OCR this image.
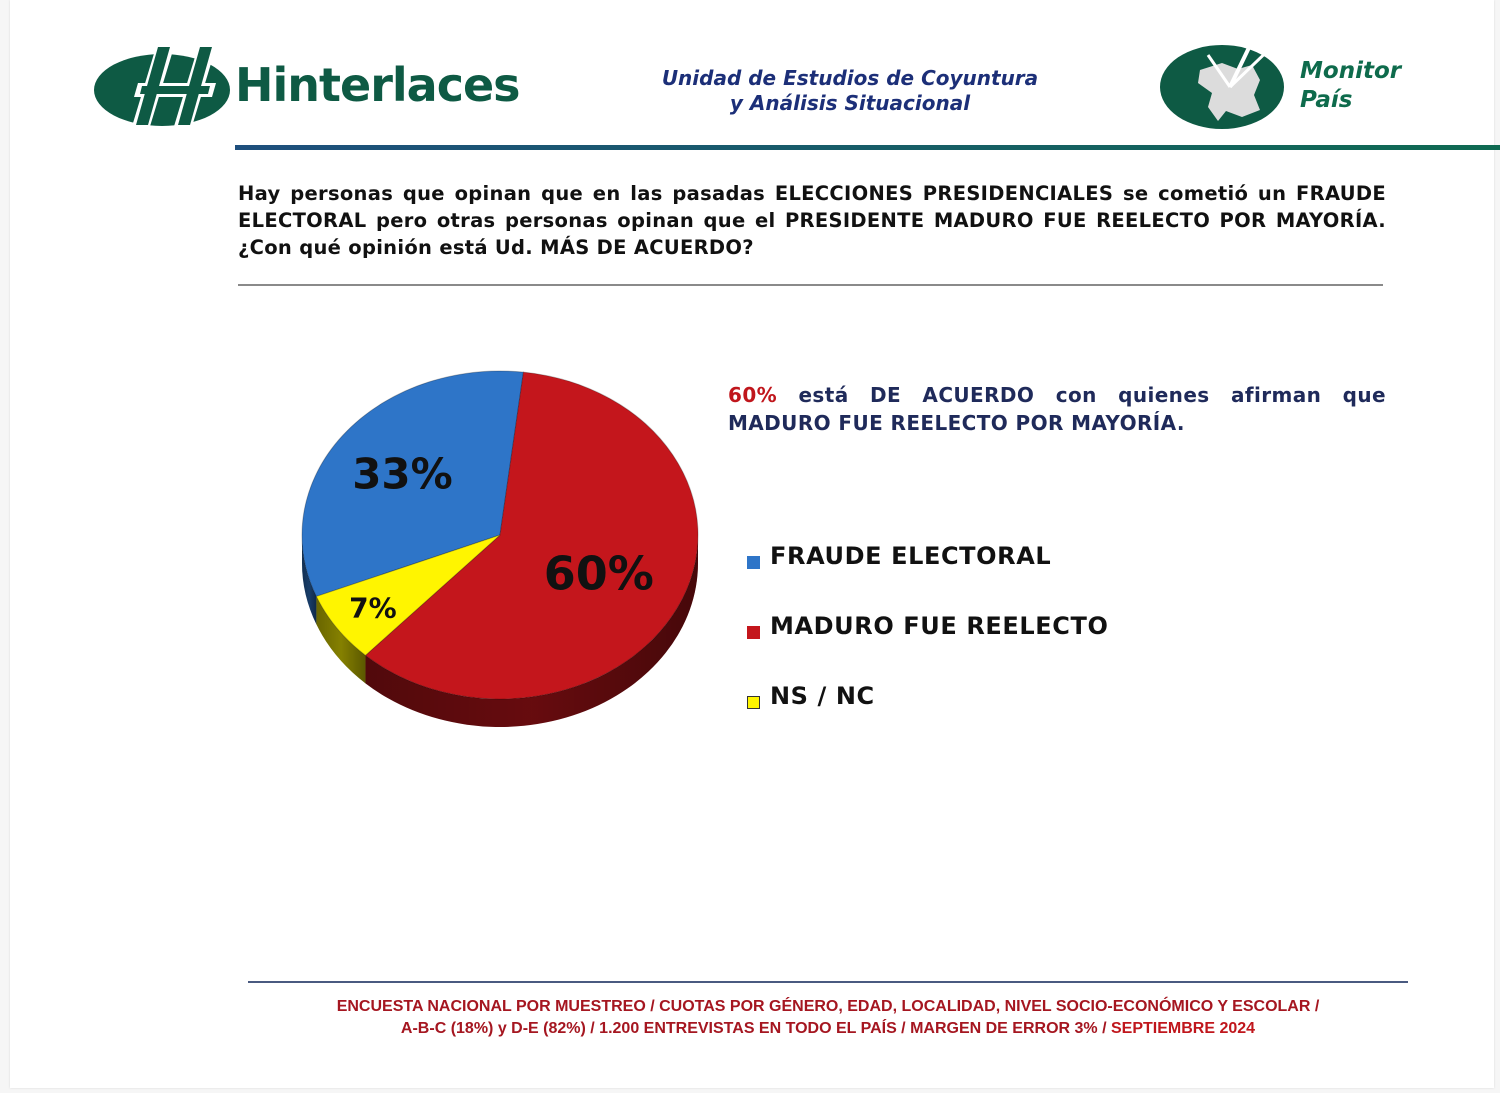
Hinterlaces	Unidad de Estudios de Coyuntura
y Análisis Situacional
Monitor
País
Hay personas que opinan que en las pasadas ELECCIONES PRESIDENCIALES se cometió un FRAUDE ELECTORAL pero otras personas opinan que el PRESIDENTE MADURO FUE REELECTO POR MAYORÍA. ¿Con qué opinión está Ud. MÁS DE ACUERDO?
33%
60%
7%
60% está DE ACUERDO con quienes afirman que MADURO FUE REELECTO POR MAYORÍA.
FRAUDE ELECTORAL
MADURO FUE REELECTO
NS / NC
ENCUESTA NACIONAL POR MUESTREO / CUOTAS POR GÉNERO, EDAD, LOCALIDAD, NIVEL SOCIO-ECONÓMICO Y ESCOLAR /
A-B-C (18%) y D-E (82%) / 1.200 ENTREVISTAS EN TODO EL PAÍS / MARGEN DE ERROR 3% / SEPTIEMBRE 2024
